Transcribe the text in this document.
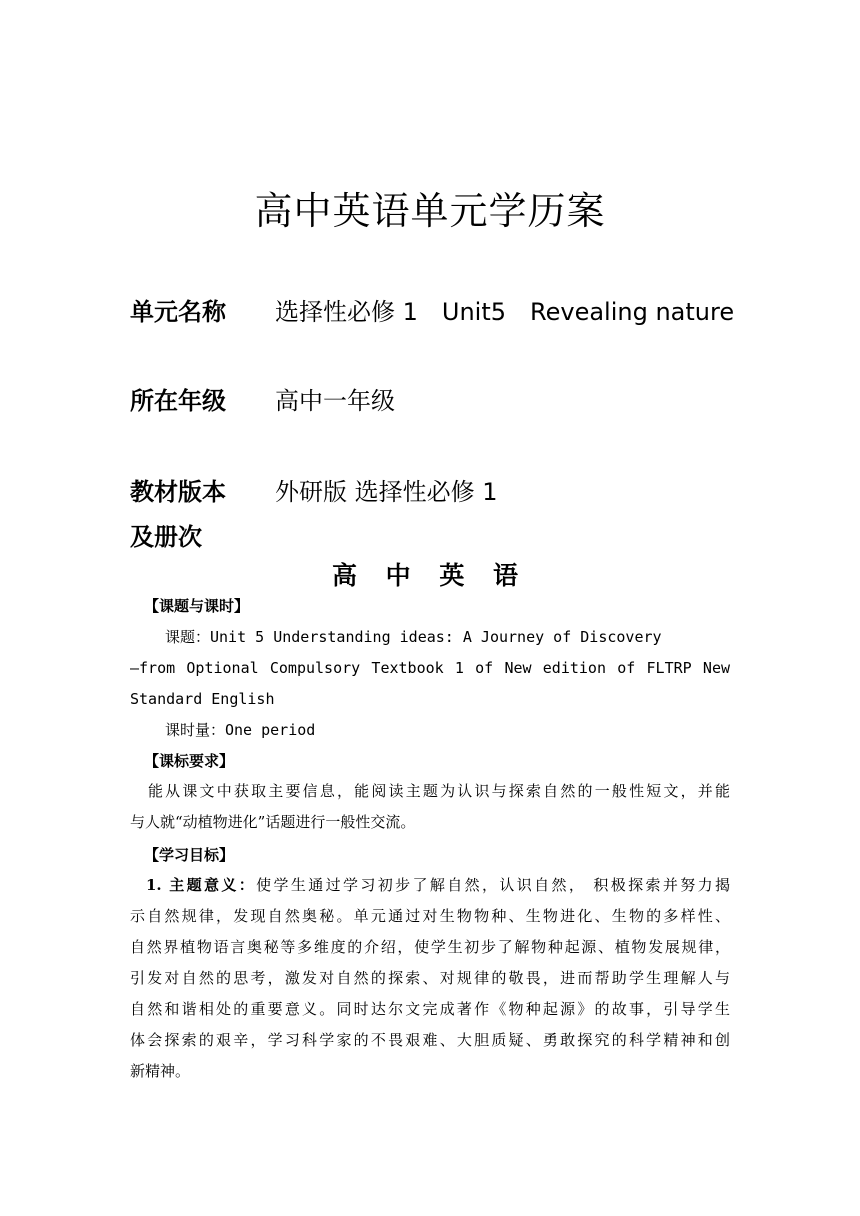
高中英语单元学历案
单元名称 选择性必修 1　Unit5　Revealing nature
所在年级 高中一年级
教材版本 外研版 选择性必修 1
及册次
高 中 英 语
【课题与课时】
课题：Unit 5 Understanding ideas: A Journey of Discovery
—from Optional Compulsory Textbook 1 of New edition of FLTRP New
Standard English
课时量：One period
【课标要求】
能从课文中获取主要信息，能阅读主题为认识与探索自然的一般性短文，并能
与人就“动植物进化”话题进行一般性交流。
【学习目标】
1. 主题意义：使学生通过学习初步了解自然，认识自然， 积极探索并努力揭
示自然规律，发现自然奥秘。单元通过对生物物种、生物进化、生物的多样性、
自然界植物语言奥秘等多维度的介绍，使学生初步了解物种起源、植物发展规律，
引发对自然的思考，激发对自然的探索、对规律的敬畏，进而帮助学生理解人与
自然和谐相处的重要意义。同时达尔文完成著作《物种起源》的故事，引导学生
体会探索的艰辛，学习科学家的不畏艰难、大胆质疑、勇敢探究的科学精神和创
新精神。
